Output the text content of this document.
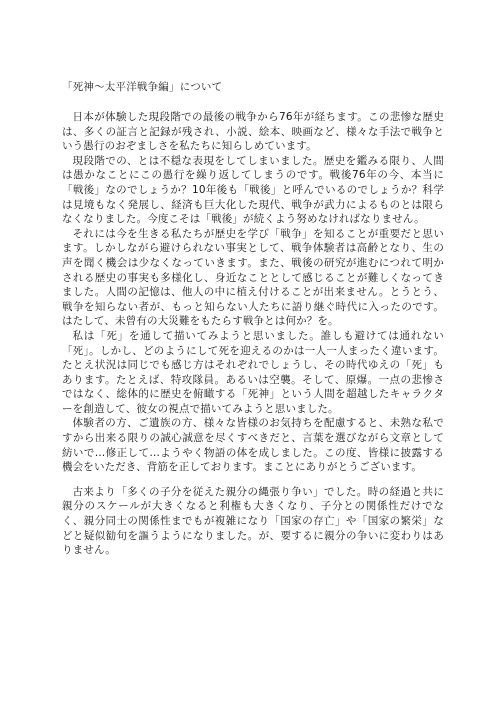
「死神〜太平洋戦争編」について

日本が体験した現段階での最後の戦争から76年が経ちます。この悲惨な歴史は、多くの証言と記録が残され、小説、絵本、映画など、様々な手法で戦争という愚行のおぞましさを私たちに知らしめています。

現段階での、とは不穏な表現をしてしまいました。歴史を鑑みる限り、人間は愚かなことにこの愚行を繰り返してしまうのです。戦後76年の今、本当に「戦後」なのでしょうか？10年後も「戦後」と呼んでいるのでしょうか？科学は見境もなく発展し、経済も巨大化した現代、戦争が武力によるものとは限らなくなりました。今度こそは「戦後」が続くよう努めなければなりません。

それには今を生きる私たちが歴史を学び「戦争」を知ることが重要だと思います。しかしながら避けられない事実として、戦争体験者は高齢となり、生の声を聞く機会は少なくなっていきます。また、戦後の研究が進むにつれて明かされる歴史の事実も多様化し、身近なこととして感じることが難しくなってきました。人間の記憶は、他人の中に植え付けることが出来ません。とうとう、戦争を知らない者が、もっと知らない人たちに語り継ぐ時代に入ったのです。はたして、未曾有の大災難をもたらす戦争とは何か？を。

私は「死」を通して描いてみようと思いました。誰しも避けては通れない「死」。しかし、どのようにして死を迎えるのかは一人一人まったく違います。たとえ状況は同じでも感じ方はそれぞれでしょうし、その時代ゆえの「死」もあります。たとえば、特攻隊員。あるいは空襲。そして、原爆。一点の悲惨さではなく、総体的に歴史を俯瞰する「死神」という人間を超越したキャラクターを創造して、彼女の視点で描いてみようと思いました。

体験者の方、ご遺族の方、様々な皆様のお気持ちを配慮すると、未熟な私ですから出来る限りの誠心誠意を尽くすべきだと、言葉を選びながら文章として紡いで…修正して…ようやく物語の体を成しました。この度、皆様に披露する機会をいただき、背筋を正しております。まことにありがとうございます。

古来より「多くの子分を従えた親分の縄張り争い」でした。時の経過と共に親分のスケールが大きくなると利権も大きくなり、子分との関係性だけでなく、親分同士の関係性までもが複雑になり「国家の存亡」や「国家の繁栄」などと疑似勧句を謳うようになりました。が、要するに親分の争いに変わりはありません。
